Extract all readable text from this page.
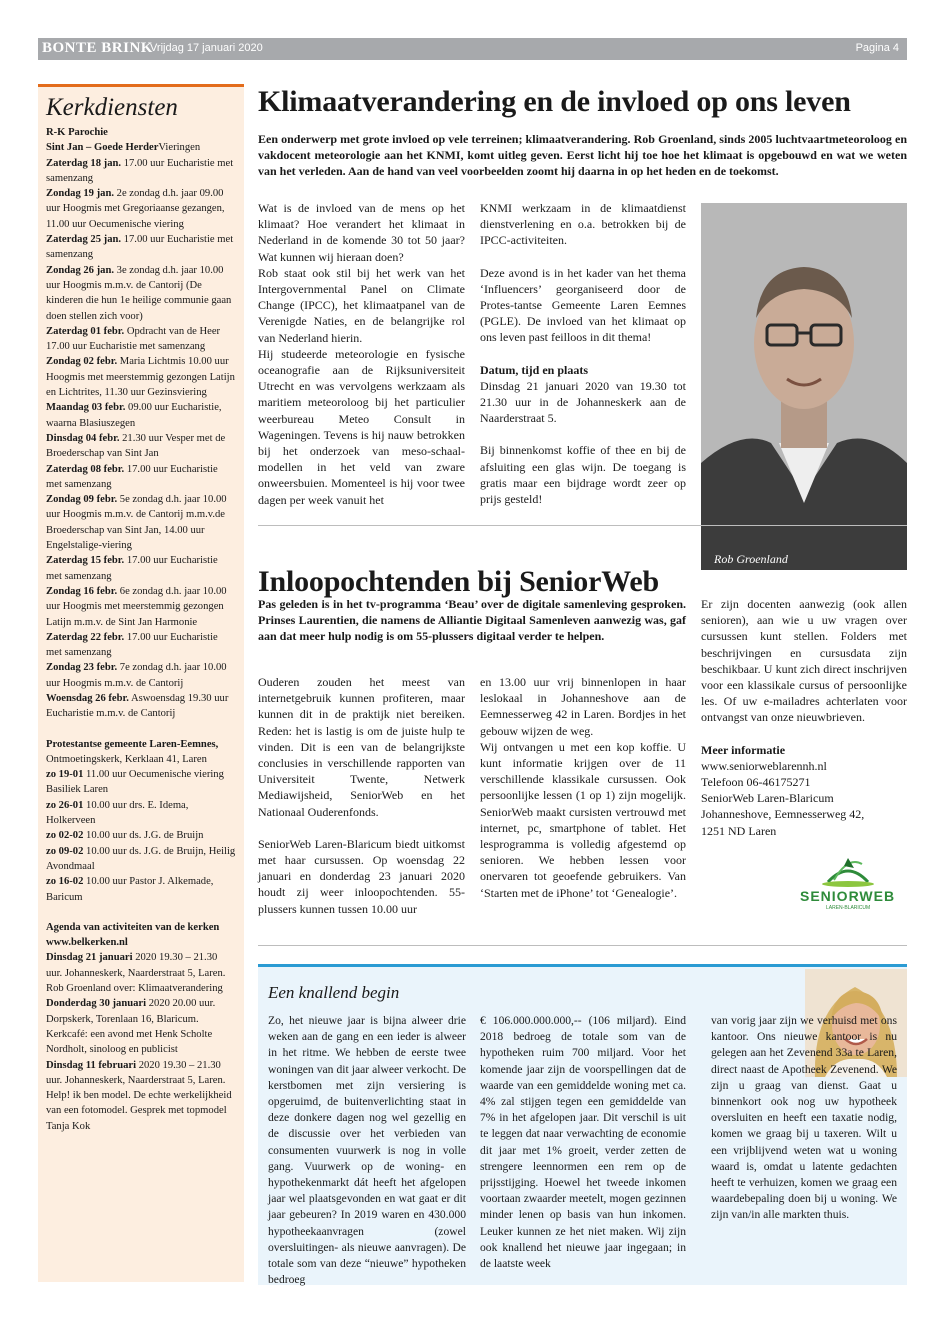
BONTE BRINK
Vrijdag 17 januari 2020	Pagina 4
Kerkdiensten

R-K Parochie

Sint Jan – Goede HerderVieringen

Zaterdag 18 jan. 17.00 uur Eucharistie met samenzang

Zondag 19 jan. 2e zondag d.h. jaar 09.00 uur Hoogmis met Gregoriaanse gezangen, 11.00 uur Oecumenische viering

Zaterdag 25 jan. 17.00 uur Eucharistie met samenzang

Zondag 26 jan. 3e zondag d.h. jaar 10.00 uur Hoogmis m.m.v. de Cantorij (De kinderen die hun 1e heilige communie gaan doen stellen zich voor)

Zaterdag 01 febr. Opdracht van de Heer 17.00 uur Eucharistie met samenzang

Zondag 02 febr. Maria Lichtmis 10.00 uur Hoogmis met meerstemmig gezongen Latijn en Lichtrites, 11.30 uur Gezinsviering

Maandag 03 febr. 09.00 uur Eucharistie, waarna Blasiuszegen

Dinsdag 04 febr. 21.30 uur Vesper met de Broederschap van Sint Jan

Zaterdag 08 febr. 17.00 uur Eucharistie met samenzang

Zondag 09 febr. 5e zondag d.h. jaar 10.00 uur Hoogmis m.m.v. de Cantorij m.m.v.de Broederschap van Sint Jan, 14.00 uur Engelstalige-viering

Zaterdag 15 febr. 17.00 uur Eucharistie met samenzang

Zondag 16 febr. 6e zondag d.h. jaar 10.00 uur Hoogmis met meerstemmig gezongen Latijn m.m.v. de Sint Jan Harmonie

Zaterdag 22 febr. 17.00 uur Eucharistie met samenzang

Zondag 23 febr. 7e zondag d.h. jaar 10.00 uur Hoogmis m.m.v. de Cantorij

Woensdag 26 febr. Aswoensdag 19.30 uur Eucharistie m.m.v. de Cantorij

Protestantse gemeente Laren-Eemnes,

Ontmoetingskerk, Kerklaan 41, Laren

zo 19-01 11.00 uur Oecumenische viering Basiliek Laren

zo 26-01 10.00 uur drs. E. Idema, Holkerveen

zo 02-02 10.00 uur ds. J.G. de Bruijn

zo 09-02 10.00 uur ds. J.G. de Bruijn, Heilig Avondmaal

zo 16-02 10.00 uur Pastor J. Alkemade, Baricum

Agenda van activiteiten van de kerken

www.belkerken.nl

Dinsdag 21 januari 2020 19.30 – 21.30 uur. Johanneskerk, Naarderstraat 5, Laren. Rob Groenland over: Klimaatverandering

Donderdag 30 januari 2020 20.00 uur. Dorpskerk, Torenlaan 16, Blaricum. Kerkcafé: een avond met Henk Scholte Nordholt, sinoloog en publicist

Dinsdag 11 februari 2020 19.30 – 21.30 uur. Johanneskerk, Naarderstraat 5, Laren. Help! ik ben model. De echte werkelijkheid van een fotomodel. Gesprek met topmodel Tanja Kok

Klimaatverandering en de invloed op ons leven

Een onderwerp met grote invloed op vele terreinen; klimaatverandering. Rob Groenland, sinds 2005 luchtvaartmeteoroloog en vakdocent meteorologie aan het KNMI, komt uitleg geven. Eerst licht hij toe hoe het klimaat is opgebouwd en wat we weten van het verleden. Aan de hand van veel voorbeelden zoomt hij daarna in op het heden en de toekomst.

Wat is de invloed van de mens op het klimaat? Hoe verandert het klimaat in Nederland in de komende 30 tot 50 jaar? Wat kunnen wij hieraan doen?

Rob staat ook stil bij het werk van het Intergovernmental Panel on Climate Change (IPCC), het klimaatpanel van de Verenigde Naties, en de belangrijke rol van Nederland hierin.

Hij studeerde meteorologie en fysische oceanografie aan de Rijksuniversiteit Utrecht en was vervolgens werkzaam als maritiem meteoroloog bij het particulier weerbureau Meteo Consult in Wageningen. Tevens is hij nauw betrokken bij het onderzoek van meso-schaal-modellen in het veld van zware onweersbuien. Momenteel is hij voor twee dagen per week vanuit het

KNMI werkzaam in de klimaatdienst dienstverlening en o.a. betrokken bij de IPCC-activiteiten.

Deze avond is in het kader van het thema ‘Influencers’ georganiseerd door de Protes-tantse Gemeente Laren Eemnes (PGLE). De invloed van het klimaat op ons leven past feilloos in dit thema!

Datum, tijd en plaats

Dinsdag 21 januari 2020 van 19.30 tot 21.30 uur in de Johanneskerk aan de Naarderstraat 5.

Bij binnenkomst koffie of thee en bij de afsluiting een glas wijn. De toegang is gratis maar een bijdrage wordt zeer op prijs gesteld!

Rob Groenland
Inloopochtenden bij SeniorWeb

Pas geleden is in het tv-programma ‘Beau’ over de digitale samenleving gesproken. Prinses Laurentien, die namens de Alliantie Digitaal Samenleven aanwezig was, gaf aan dat meer hulp nodig is om 55-plussers digitaal verder te helpen.

Ouderen zouden het meest van internetgebruik kunnen profiteren, maar kunnen dit in de praktijk niet bereiken. Reden: het is lastig is om de juiste hulp te vinden. Dit is een van de belangrijkste conclusies in verschillende rapporten van Universiteit Twente, Netwerk Mediawijsheid, SeniorWeb en het Nationaal Ouderenfonds.

SeniorWeb Laren-Blaricum biedt uitkomst met haar cursussen. Op woensdag 22 januari en donderdag 23 januari 2020 houdt zij weer inloopochtenden. 55-plussers kunnen tussen 10.00 uur

en 13.00 uur vrij binnenlopen in haar leslokaal in Johanneshove aan de Eemnesserweg 42 in Laren. Bordjes in het gebouw wijzen de weg.

Wij ontvangen u met een kop koffie. U kunt informatie krijgen over de 11 verschillende klassikale cursussen. Ook persoonlijke lessen (1 op 1) zijn mogelijk. SeniorWeb maakt cursisten vertrouwd met internet, pc, smartphone of tablet. Het lesprogramma is volledig afgestemd op senioren. We hebben lessen voor onervaren tot geoefende gebruikers. Van ‘Starten met de iPhone’ tot ‘Genealogie’.

Er zijn docenten aanwezig (ook allen senioren), aan wie u uw vragen over cursussen kunt stellen. Folders met beschrijvingen en cursusdata zijn beschikbaar. U kunt zich direct inschrijven voor een klassikale cursus of persoonlijke les. Of uw e-mailadres achterlaten voor ontvangst van onze nieuwbrieven.

Meer informatie

www.seniorweblarennh.nl

Telefoon 06-46175271

SeniorWeb Laren-Blaricum

Johanneshove, Eemnesserweg 42,

1251 ND Laren

SENIORWEB
LAREN-BLARICUM
Een knallend begin

Zo, het nieuwe jaar is bijna alweer drie weken aan de gang en een ieder is alweer in het ritme. We hebben de eerste twee woningen van dit jaar alweer verkocht. De kerstbomen met zijn versiering is opgeruimd, de buitenverlichting staat in deze donkere dagen nog wel gezellig en de discussie over het verbieden van consumenten vuurwerk is nog in volle gang. Vuurwerk op de woning- en hypothekenmarkt dát heeft het afgelopen jaar wel plaatsgevonden en wat gaat er dit jaar gebeuren? In 2019 waren en 430.000 hypotheekaanvragen (zowel oversluitingen- als nieuwe aanvragen). De totale som van deze “nieuwe” hypotheken bedroeg

€ 106.000.000.000,-- (106 miljard). Eind 2018 bedroeg de totale som van de hypotheken ruim 700 miljard. Voor het komende jaar zijn de voorspellingen dat de waarde van een gemiddelde woning met ca. 4% zal stijgen tegen een gemiddelde van 7% in het afgelopen jaar. Dit verschil is uit te leggen dat naar verwachting de economie dit jaar met 1% groeit, verder zetten de strengere leennormen een rem op de prijsstijging. Hoewel het tweede inkomen voortaan zwaarder meetelt, mogen gezinnen minder lenen op basis van hun inkomen. Leuker kunnen ze het niet maken. Wij zijn ook knallend het nieuwe jaar ingegaan; in de laatste week

van vorig jaar zijn we verhuisd met ons kantoor. Ons nieuwe kantoor is nu gelegen aan het Zevenend 33a te Laren, direct naast de Apotheek Zevenend. We zijn u graag van dienst. Gaat u binnenkort ook nog uw hypotheek oversluiten en heeft een taxatie nodig, komen we graag bij u taxeren. Wilt u een vrijblijvend weten wat u woning waard is, omdat u latente gedachten heeft te verhuizen, komen we graag een waardebepaling doen bij u woning. We zijn van/in alle markten thuis.
